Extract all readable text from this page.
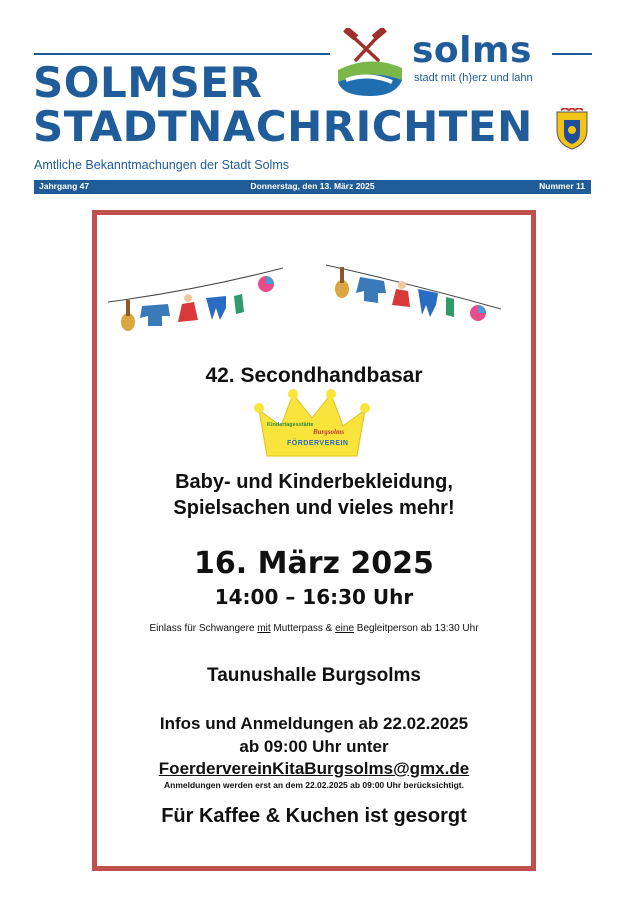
solms
stadt mit (h)erz und lahn
SOLMSER
STADTNACHRICHTEN
Amtliche Bekanntmachungen der Stadt Solms
Jahrgang 47	Donnerstag, den 13. März 2025	Nummer 11
42. Secondhandbasar
Kindertagesstätte
Burgsolms
FÖRDERVEREIN
Baby- und Kinderbekleidung,
Spielsachen und vieles mehr!
16. März 2025
14:00 – 16:30 Uhr
Einlass für Schwangere mit Mutterpass & eine Begleitperson ab 13:30 Uhr
Taunushalle Burgsolms
Infos und Anmeldungen ab 22.02.2025
ab 09:00 Uhr unter
FoerdervereinKitaBurgsolms@gmx.de
Anmeldungen werden erst an dem 22.02.2025 ab 09:00 Uhr berücksichtigt.
Für Kaffee & Kuchen ist gesorgt
